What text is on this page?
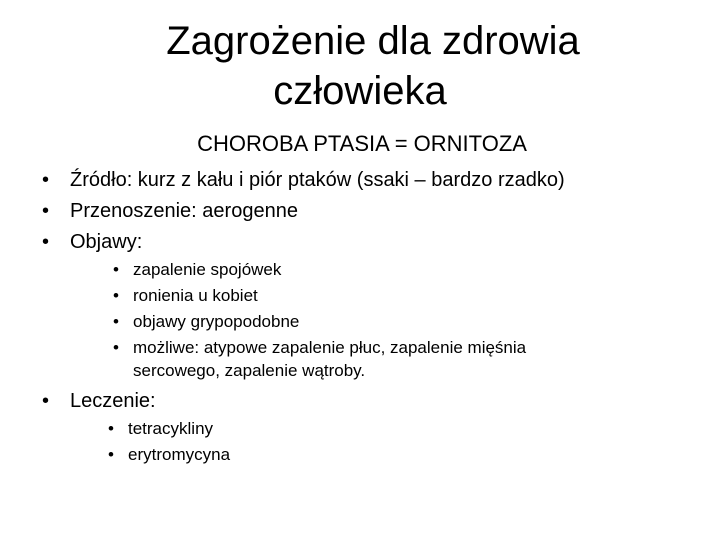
Zagrożenie dla zdrowia
człowieka
CHOROBA PTASIA = ORNITOZA
•	Źródło: kurz z kału i piór ptaków (ssaki – bardzo rzadko)
•	Przenoszenie: aerogenne
•	Objawy:
• zapalenie spojówek
• ronienia u kobiet
• objawy grypopodobne
• możliwe: atypowe zapalenie płuc, zapalenie mięśnia
sercowego, zapalenie wątroby.
•	Leczenie:
• tetracykliny
• erytromycyna
